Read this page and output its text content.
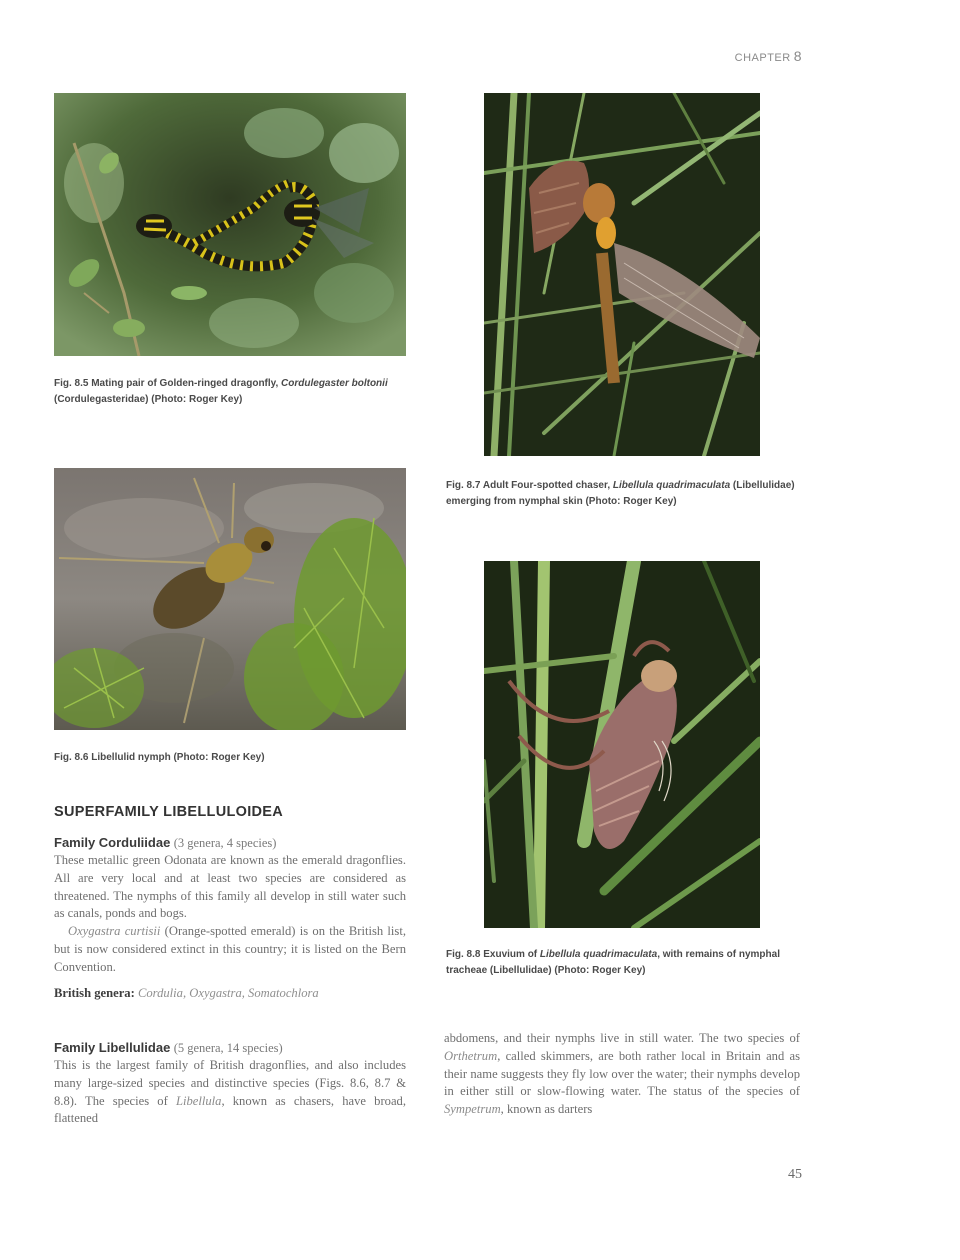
CHAPTER 8
Fig. 8.5 Mating pair of Golden-ringed dragonfly, Cordulegaster boltonii (Cordulegasteridae) (Photo: Roger Key)
Fig. 8.7 Adult Four-spotted chaser, Libellula quadrimaculata (Libellulidae) emerging from nymphal skin (Photo: Roger Key)
Fig. 8.6 Libellulid nymph (Photo: Roger Key)
Fig. 8.8 Exuvium of Libellula quadrimaculata, with remains of nymphal tracheae (Libellulidae) (Photo: Roger Key)
SUPERFAMILY LIBELLULOIDEA
Family Corduliidae (3 genera, 4 species)

These metallic green Odonata are known as the emerald dragonflies. All are very local and at least two species are considered as threatened. The nymphs of this family all develop in still water such as canals, ponds and bogs.

Oxygastra curtisii (Orange-spotted emerald) is on the British list, but is now considered extinct in this country; it is listed on the Bern Convention.

British genera: Cordulia, Oxygastra, Somatochlora
Family Libellulidae (5 genera, 14 species)

This is the largest family of British dragonflies, and also includes many large-sized species and distinctive species (Figs. 8.6, 8.7 & 8.8). The species of Libellula, known as chasers, have broad, flattened

abdomens, and their nymphs live in still water. The two species of Orthetrum, called skimmers, are both rather local in Britain and as their name suggests they fly low over the water; their nymphs develop in either still or slow-flowing water. The status of the species of Sympetrum, known as darters

45
